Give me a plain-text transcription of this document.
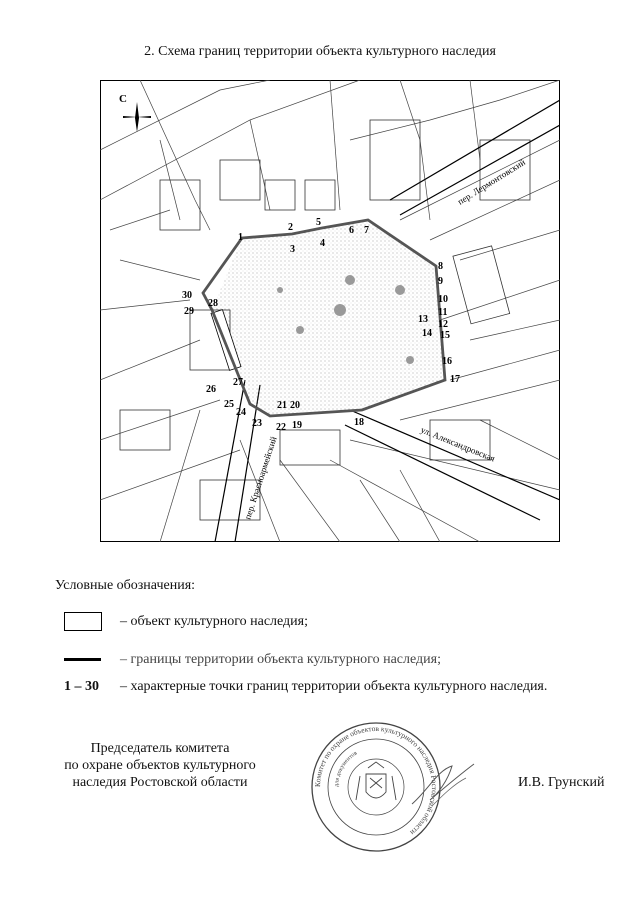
2. Схема границ территории объекта культурного наследия
С
пер. Лермонтовский
ул. Александровская
пер. Красноармейский
1
2
3
4
5
6 7
8
9
10
11
12
13
14 15
16
17
18
19
20
21
22
23
24
25
26
27
28
29
30
Условные обозначения:
– объект культурного наследия;
– границы территории объекта культурного наследия;
1 – 30 – характерные точки границ территории объекта культурного наследия.
Председатель комитета
по охране объектов культурного
наследия Ростовской области	Комитет по охране объектов культурного наследия Ростовской области
для документов
И.В. Грунский
